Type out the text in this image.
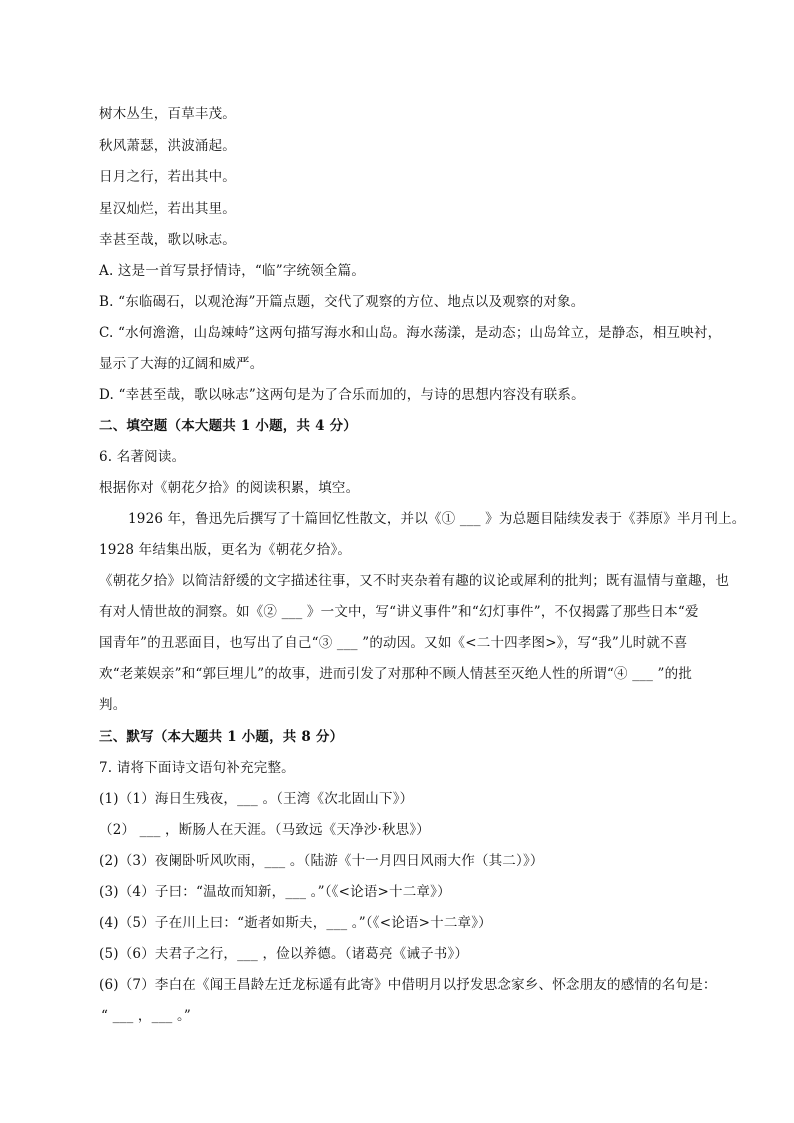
树木丛生，百草丰茂。
秋风萧瑟，洪波涌起。
日月之行，若出其中。
星汉灿烂，若出其里。
幸甚至哉，歌以咏志。
A. 这是一首写景抒情诗，“临”字统领全篇。
B. “东临碣石，以观沧海”开篇点题，交代了观察的方位、地点以及观察的对象。
C. “水何澹澹，山岛竦峙”这两句描写海水和山岛。海水荡漾，是动态；山岛耸立，是静态，相互映衬，
显示了大海的辽阔和威严。
D. “幸甚至哉，歌以咏志”这两句是为了合乐而加的，与诗的思想内容没有联系。
二、填空题（本大题共 1 小题，共 4 分）
6. 名著阅读。
根据你对《朝花夕拾》的阅读积累，填空。
1926 年，鲁迅先后撰写了十篇回忆性散文，并以《① ___ 》为总题目陆续发表于《莽原》半月刊上。
1928 年结集出版，更名为《朝花夕拾》。
《朝花夕拾》以简洁舒缓的文字描述往事，又不时夹杂着有趣的议论或犀利的批判；既有温情与童趣，也
有对人情世故的洞察。如《② ___ 》一文中，写“讲义事件”和“幻灯事件”，不仅揭露了那些日本“爱
国青年”的丑恶面目，也写出了自己“③ ___ ”的动因。又如《<二十四孝图>》，写“我”儿时就不喜
欢“老莱娱亲”和“郭巨埋儿”的故事，进而引发了对那种不顾人情甚至灭绝人性的所谓“④ ___ ”的批
判。
三、默写（本大题共 1 小题，共 8 分）
7. 请将下面诗文语句补充完整。
(1)（1）海日生残夜，___ 。（王湾《次北固山下》）
（2） ___ ，断肠人在天涯。（马致远《天净沙·秋思》）
(2)（3）夜阑卧听风吹雨，___ 。（陆游《十一月四日风雨大作（其二）》）
(3)（4）子曰：“温故而知新，___ 。”（《<论语>十二章》）
(4)（5）子在川上曰：“逝者如斯夫，___ 。”（《<论语>十二章》）
(5)（6）夫君子之行，___ ，俭以养德。（诸葛亮《诫子书》）
(6)（7）李白在《闻王昌龄左迁龙标遥有此寄》中借明月以抒发思念家乡、怀念朋友的感情的名句是：
“ ___ ，___ 。”
